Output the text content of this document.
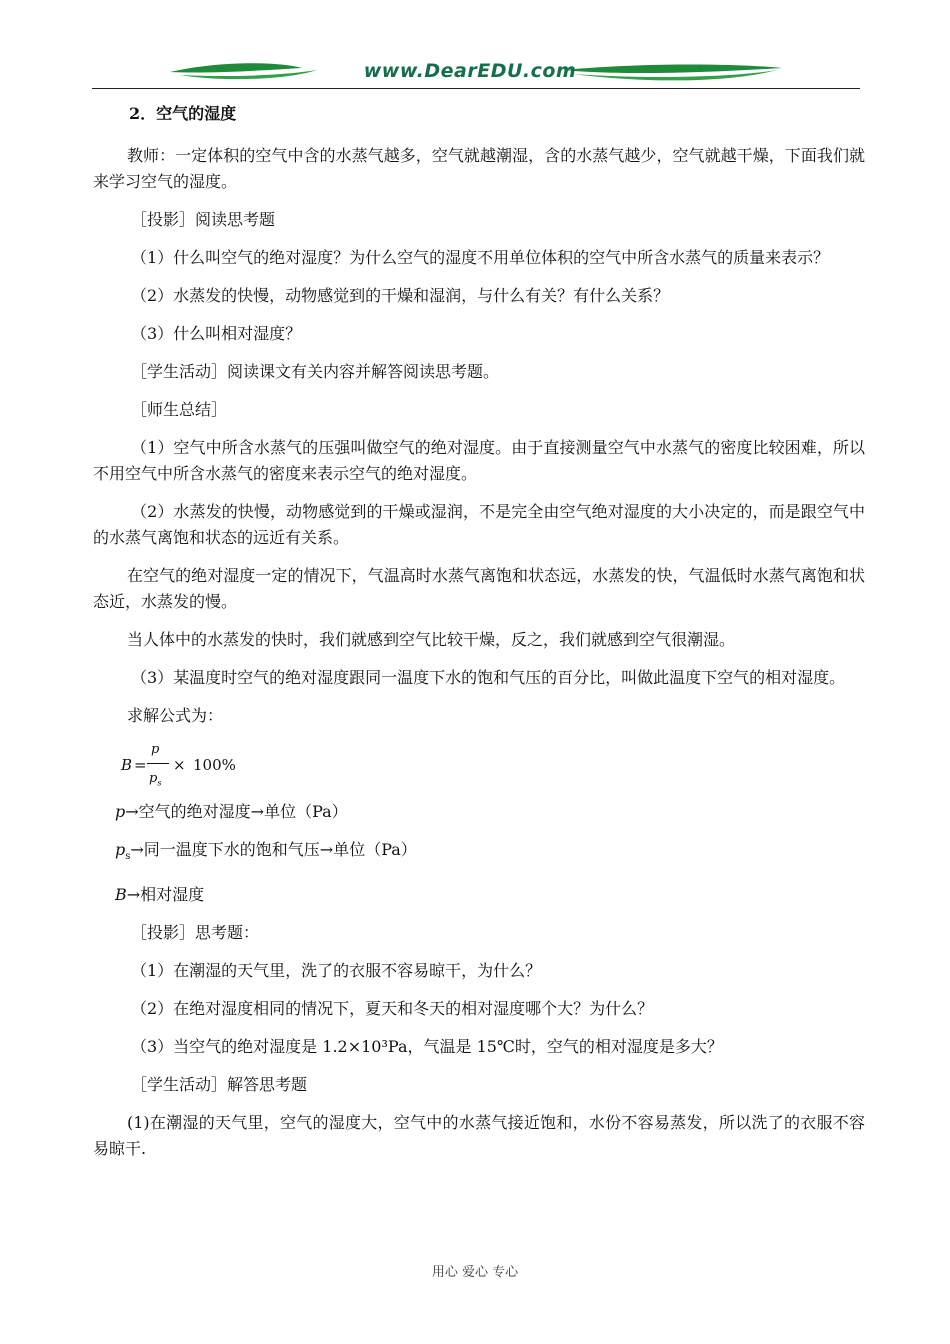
www.DearEDU.com

2．空气的湿度

教师：一定体积的空气中含的水蒸气越多，空气就越潮湿，含的水蒸气越少，空气就越干燥，下面我们就来学习空气的湿度。

［投影］阅读思考题

（1）什么叫空气的绝对湿度？为什么空气的湿度不用单位体积的空气中所含水蒸气的质量来表示？

（2）水蒸发的快慢，动物感觉到的干燥和湿润，与什么有关？有什么关系？

（3）什么叫相对湿度？

［学生活动］阅读课文有关内容并解答阅读思考题。

［师生总结］

（1）空气中所含水蒸气的压强叫做空气的绝对湿度。由于直接测量空气中水蒸气的密度比较困难，所以不用空气中所含水蒸气的密度来表示空气的绝对湿度。

（2）水蒸发的快慢，动物感觉到的干燥或湿润，不是完全由空气绝对湿度的大小决定的，而是跟空气中的水蒸气离饱和状态的远近有关系。

在空气的绝对湿度一定的情况下，气温高时水蒸气离饱和状态远，水蒸发的快，气温低时水蒸气离饱和状态近，水蒸发的慢。

当人体中的水蒸发的快时，我们就感到空气比较干燥，反之，我们就感到空气很潮湿。

（3）某温度时空气的绝对湿度跟同一温度下水的饱和气压的百分比，叫做此温度下空气的相对湿度。

求解公式为：

B =
p
$p_s$
× 100%

p→空气的绝对湿度→单位（Pa）

$p_s\to$同一温度下水的饱和气压→单位（Pa）

B→相对湿度

［投影］思考题：

（1）在潮湿的天气里，洗了的衣服不容易晾干，为什么？

（2）在绝对湿度相同的情况下，夏天和冬天的相对湿度哪个大？为什么？

（3）当空气的绝对湿度是 1.2×10³Pa，气温是 15℃时，空气的相对湿度是多大？

［学生活动］解答思考题

(1)在潮湿的天气里，空气的湿度大，空气中的水蒸气接近饱和，水份不容易蒸发，所以洗了的衣服不容易晾干.

用心 爱心 专心
